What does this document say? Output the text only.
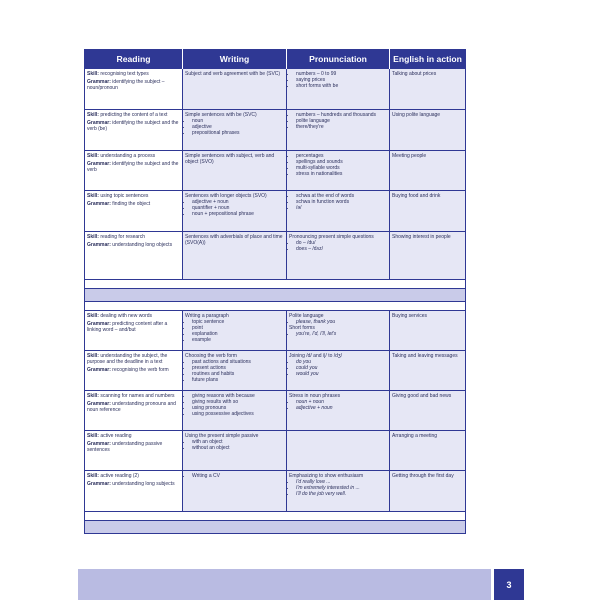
Reading	Writing	Pronunciation	English in action
Skill: recognising text types
Grammar: identifying the subject – noun/pronoun
Subject and verb agreement with be (SVC)
•	numbers – 0 to 99
• saying prices
• short forms with be
Talking about prices
Skill: predicting the content of a text
Grammar: identifying the subject and the verb (be)
Simple sentences with be (SVC)
• noun
• adjective
• prepositional phrases
• numbers – hundreds and thousands
• polite language
• there/they're
Using polite language
Skill: understanding a process
Grammar: identifying the subject and the verb
Simple sentences with subject, verb and object (SVO)
• percentages
• spellings and sounds
• multi-syllable words
• stress in nationalities
Meeting people
Skill: using topic sentences
Grammar: finding the object
Sentences with longer objects (SVO)
• adjective + noun
• quantifier + noun
• noun + prepositional phrase
• schwa at the end of words
• schwa in function words
• /ə/
Buying food and drink
Skill: reading for research
Grammar: understanding long objects
Sentences with adverbials of place and time (SVO(A))
Pronouncing present simple questions
• do – /du/
• does – /dʌz/
Showing interest in people
Skill: dealing with new words
Grammar: predicting content after a linking word – and/but
Writing a paragraph
• topic sentence
• point
• explanation
• example
Polite language
• please, thank you
Short forms
• you're, I'd, I'll, let's
Buying services
Skill: understanding the subject, the purpose and the deadline in a text
Grammar: recognising the verb form
Choosing the verb form
• past actions and situations
• present actions
• routines and habits
• future plans
Joining /d/ and /j/ to /dʒ/
• do you
• could you
• would you
Taking and leaving messages
Skill: scanning for names and numbers
Grammar: understanding pronouns and noun reference
• giving reasons with because
• giving results with so
• using pronouns
• using possessive adjectives
Stress in noun phrases
• noun + noun
• adjective + noun
Giving good and bad news
Skill: active reading
Grammar: understanding passive sentences
Using the present simple passive
• with an object
• without an object
Arranging a meeting
Skill: active reading (2)
Grammar: understanding long subjects
• Writing a CV	Emphasizing to show enthusiasm
• I'd really love ...
• I'm extremely interested in ...
• I'll do the job very well.
Getting through the first day
3
